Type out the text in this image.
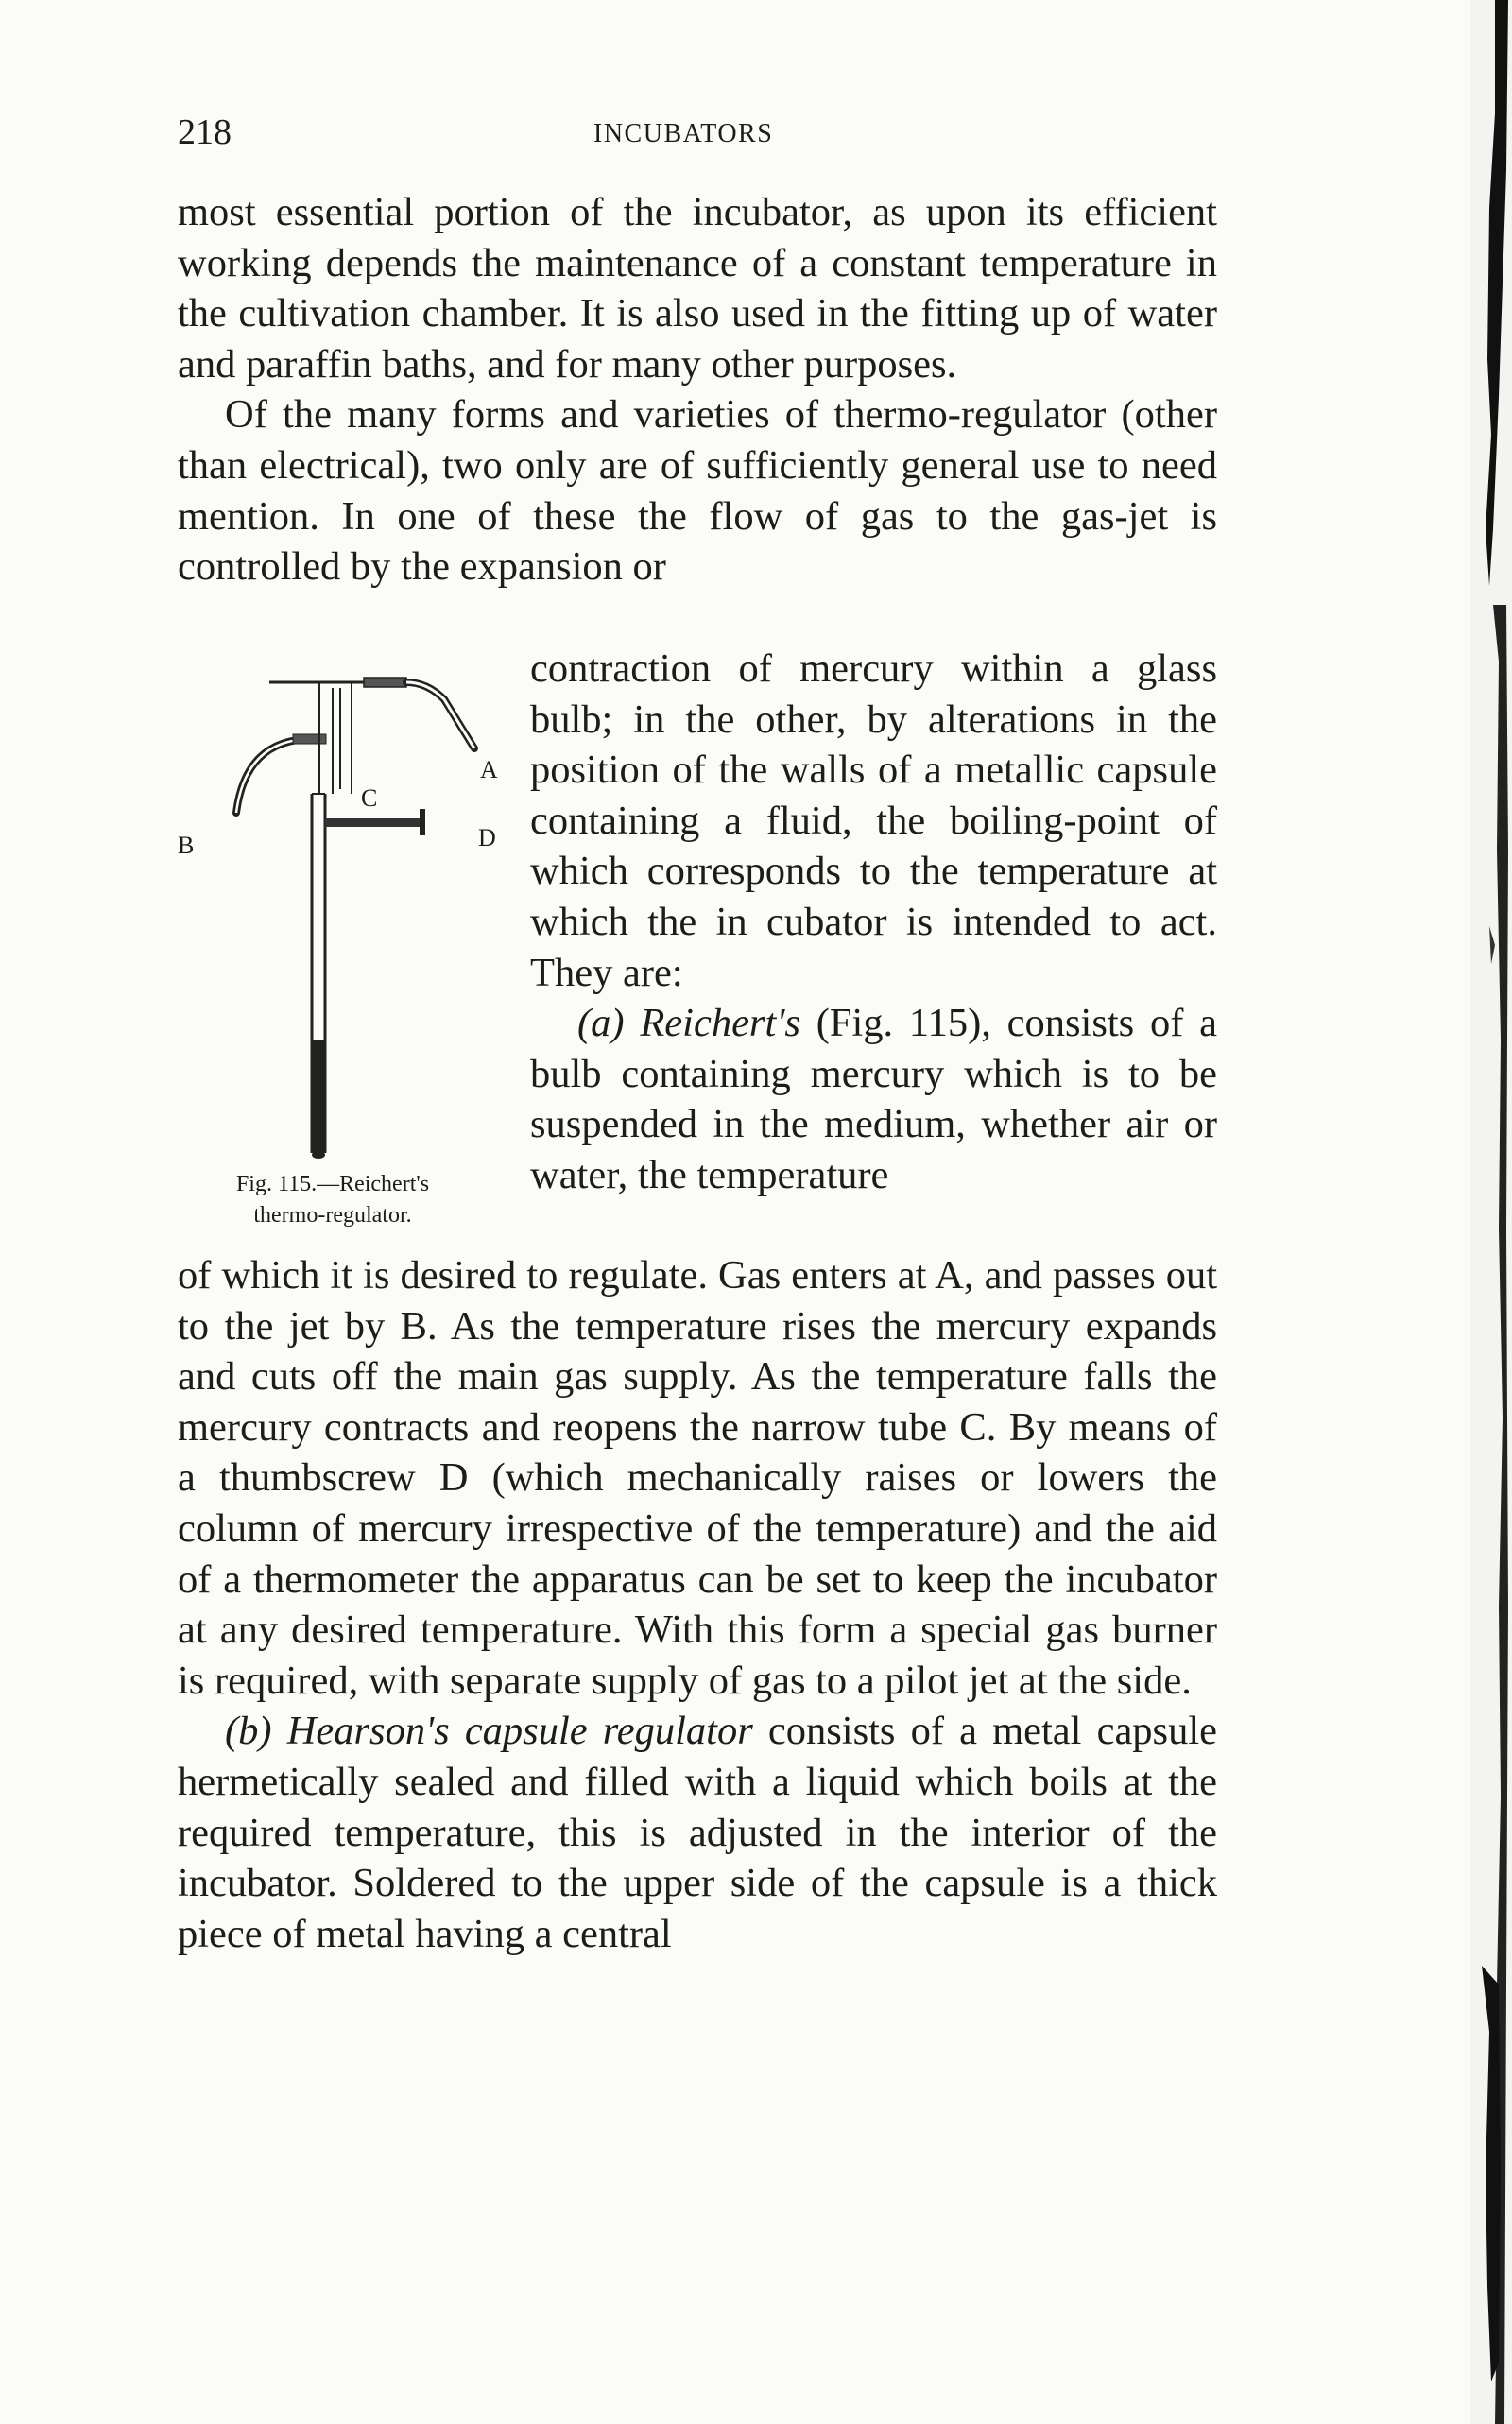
218	INCUBATORS

most essential portion of the incubator, as upon its efficient working depends the maintenance of a constant temperature in the cultivation chamber. It is also used in the fitting up of water and paraffin baths, and for many other purposes.

Of the many forms and varieties of thermo-regulator (other than electrical), two only are of sufficiently general use to need mention. In one of these the flow of gas to the gas-jet is controlled by the expansion or

A
B
C
D
Fig. 115.—Reichert's
thermo-regulator.

contraction of mercury within a glass bulb; in the other, by alterations in the position of the walls of a metallic capsule containing a fluid, the boiling-point of which corresponds to the temperature at which the in cubator is intended to act. They are:

(a) Reichert's (Fig. 115), consists of a bulb containing mercury which is to be suspended in the medium, whether air or water, the temperature

of which it is desired to regulate. Gas enters at A, and passes out to the jet by B. As the temperature rises the mercury expands and cuts off the main gas supply. As the temperature falls the mercury contracts and reopens the narrow tube C. By means of a thumbscrew D (which mechanically raises or lowers the column of mercury irrespective of the temperature) and the aid of a thermometer the apparatus can be set to keep the incubator at any desired temperature. With this form a special gas burner is required, with separate supply of gas to a pilot jet at the side.

(b) Hearson's capsule regulator consists of a metal capsule hermetically sealed and filled with a liquid which boils at the required temperature, this is adjusted in the interior of the incubator. Soldered to the upper side of the capsule is a thick piece of metal having a central
